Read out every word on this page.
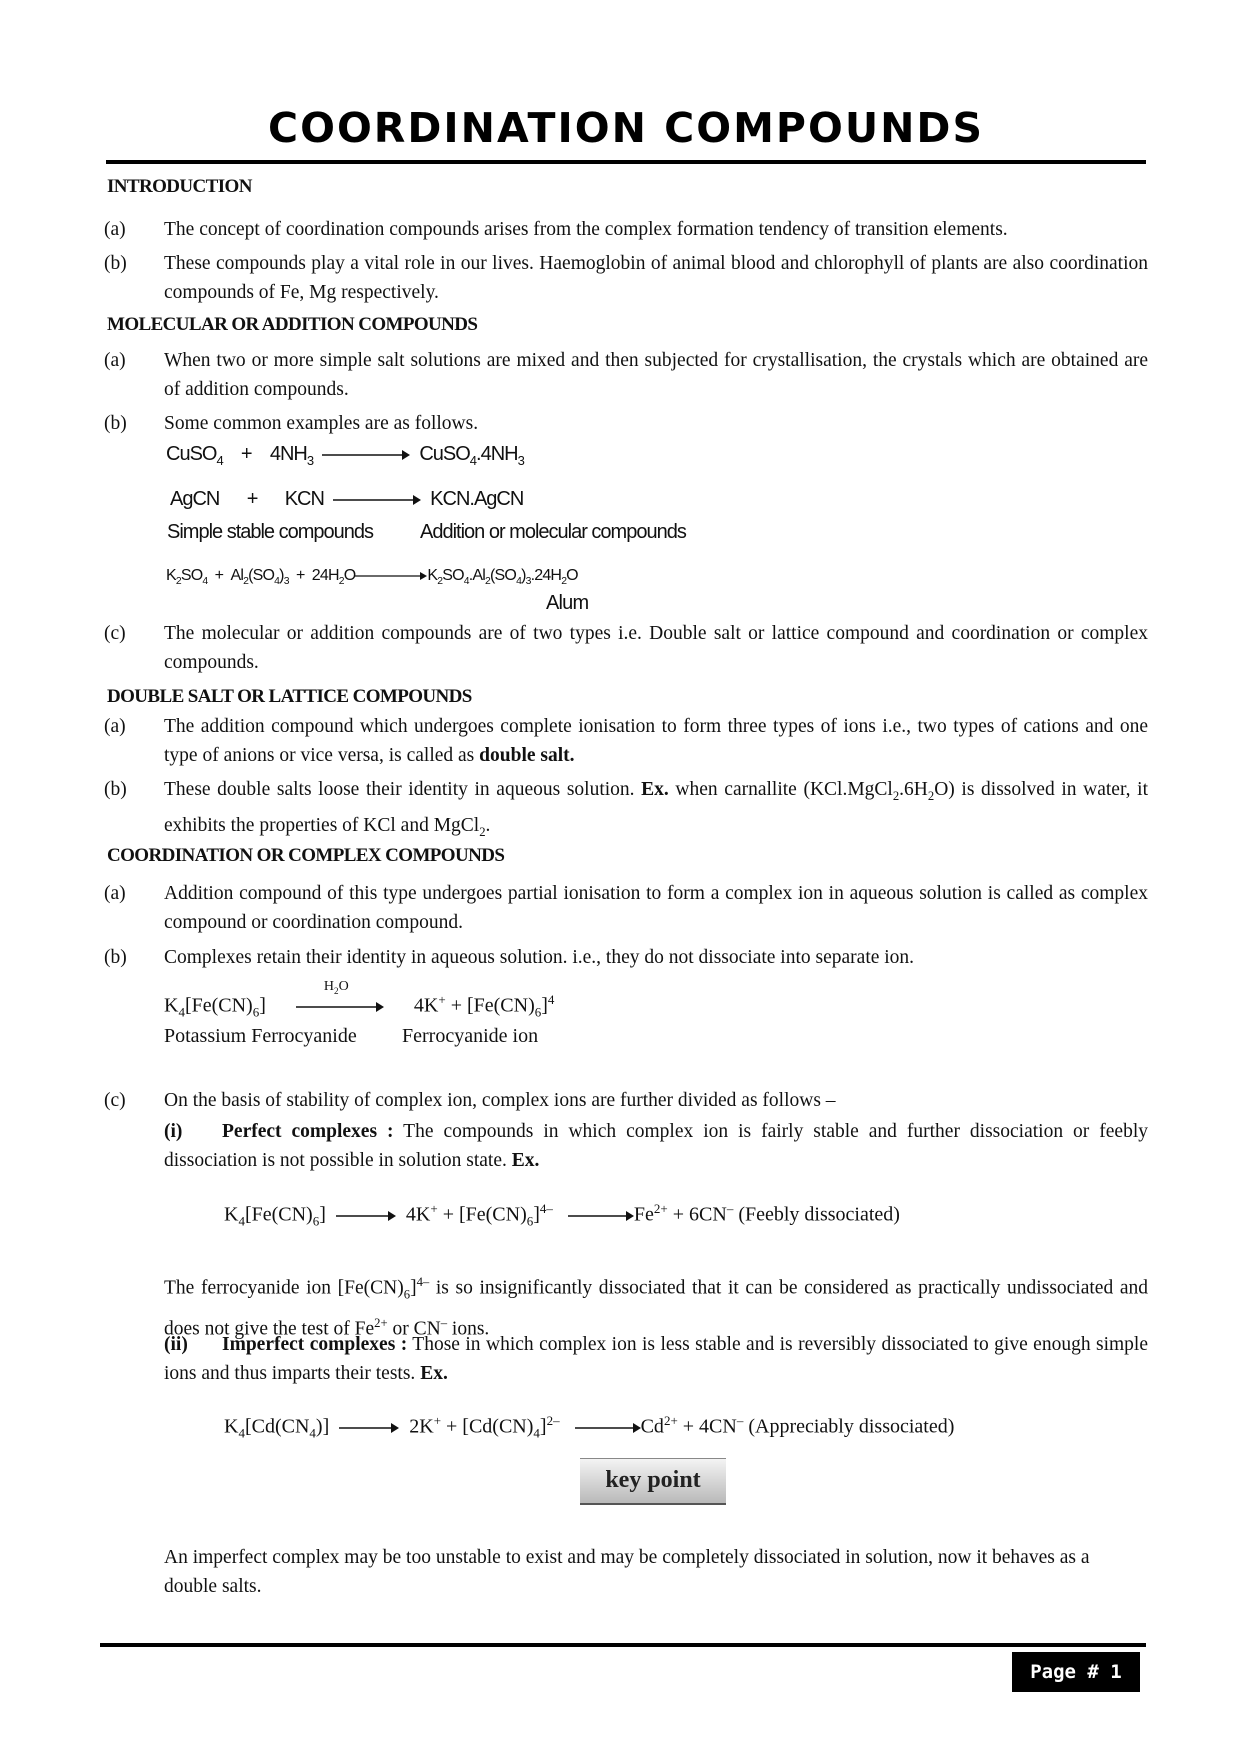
COORDINATION COMPOUNDS
INTRODUCTION
(a) The concept of coordination compounds arises from the complex formation tendency of transition elements.
(b) These compounds play a vital role in our lives. Haemoglobin of animal blood and chlorophyll of plants are also coordination compounds of Fe, Mg respectively.
MOLECULAR OR ADDITION COMPOUNDS
(a) When two or more simple salt solutions are mixed and then subjected for crystallisation, the crystals which are obtained are of addition compounds.
(b) Some common examples are as follows.
CuSO$_4$    +    $4NH_3$	$CuSO_4.4NH_3$
AgCN      +      KCN	KCN.AgCN
Simple stable compounds Addition or molecular compounds
$K_2SO_4 + Al_2(SO_4)_3 + 24H_2O$	$K_2SO_4.Al_2(SO_4)_3.24H_2O$
Alum
(c) The molecular or addition compounds are of two types i.e. Double salt or lattice compound and coordination or complex compounds.
DOUBLE SALT OR LATTICE COMPOUNDS
(a) The addition compound which undergoes complete ionisation to form three types of ions i.e., two types of cations and one type of anions or vice versa, is called as double salt.
(b) These double salts loose their identity in aqueous solution. Ex. when carnallite $(KCl.MgCl_2.6H_2O)$ is dissolved in water, it exhibits the properties of KCl and MgCl$_2$.
COORDINATION OR COMPLEX COMPOUNDS
(a) Addition compound of this type undergoes partial ionisation to form a complex ion in aqueous solution is called as complex compound or coordination compound.
(b) Complexes retain their identity in aqueous solution. i.e., they do not dissociate into separate ion.
$K_4[Fe(CN)_6]$
$H_2O$
$4K^+ + [Fe(CN)_6]^4$
Potassium Ferrocyanide Ferrocyanide ion
(c) On the basis of stability of complex ion, complex ions are further divided as follows –
(i) Perfect complexes : The compounds in which complex ion is fairly stable and further dissociation or feebly dissociation is not possible in solution state. Ex.
$K_4[Fe(CN)_6]$	$4K^+ + [Fe(CN)_6]^{4-}$	$Fe^{2+} + 6CN^-$ (Feebly dissociated)
The ferrocyanide ion $[Fe(CN)_6]^{4-}$ is so insignificantly dissociated that it can be considered as practically undissociated and does not give the test of $Fe^{2+}$ or CN– ions.
(ii) Imperfect complexes : Those in which complex ion is less stable and is reversibly dissociated to give enough simple ions and thus imparts their tests. Ex.
$K_4[Cd(CN_4)]$	$2K^+ + [Cd(CN)_4]^{2-}$	$Cd^{2+} + 4CN^-$ (Appreciably dissociated)
key point
An imperfect complex may be too unstable to exist and may be completely dissociated in solution, now it behaves as a double salts.
Page # 1
